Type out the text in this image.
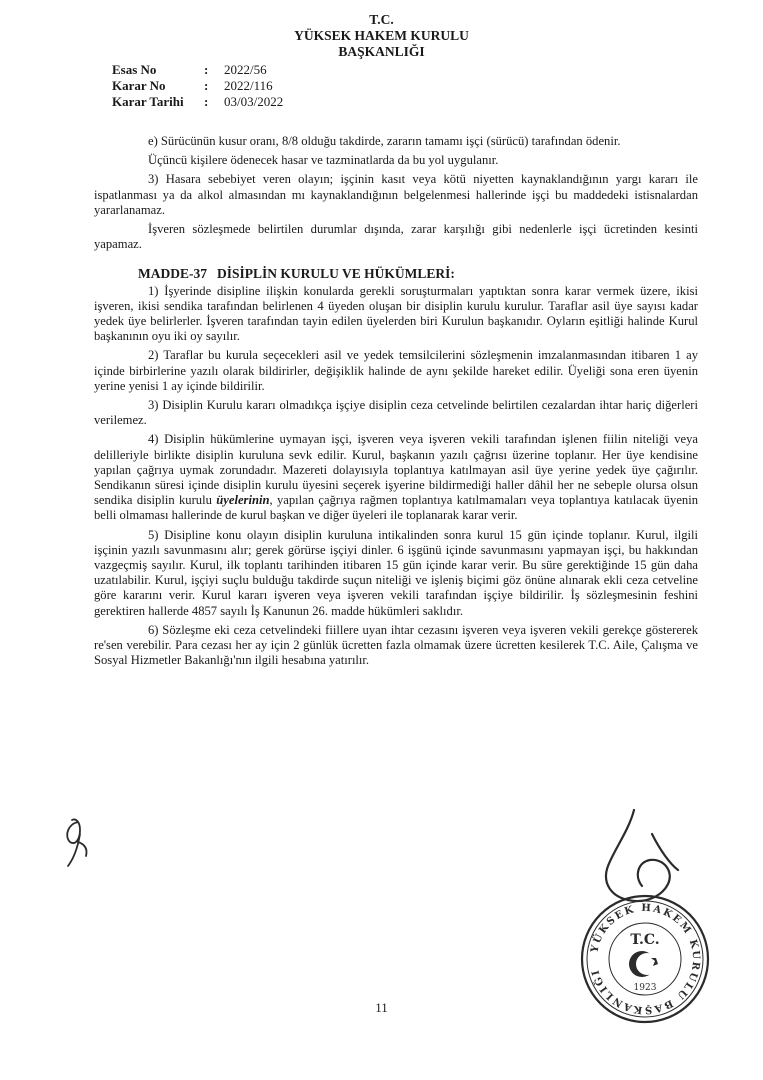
T.C.
YÜKSEK HAKEM KURULU
BAŞKANLIĞI
Esas No	:	2022/56
Karar No	:	2022/116
Karar Tarihi	:	03/03/2022

e) Sürücünün kusur oranı, 8/8 olduğu takdirde, zararın tamamı işçi (sürücü) tarafından ödenir.

Üçüncü kişilere ödenecek hasar ve tazminatlarda da bu yol uygulanır.

3) Hasara sebebiyet veren olayın; işçinin kasıt veya kötü niyetten kaynaklandığının yargı kararı ile ispatlanması ya da alkol almasından mı kaynaklandığının belgelenmesi hallerinde işçi bu maddedeki istisnalardan yararlanamaz.

İşveren sözleşmede belirtilen durumlar dışında, zarar karşılığı gibi nedenlerle işçi ücretinden kesinti yapamaz.

MADDE-37 DİSİPLİN KURULU VE HÜKÜMLERİ:

1) İşyerinde disipline ilişkin konularda gerekli soruşturmaları yaptıktan sonra karar vermek üzere, ikisi işveren, ikisi sendika tarafından belirlenen 4 üyeden oluşan bir disiplin kurulu kurulur. Taraflar asil üye sayısı kadar yedek üye belirlerler. İşveren tarafından tayin edilen üyelerden biri Kurulun başkanıdır. Oyların eşitliği halinde Kurul başkanının oyu iki oy sayılır.

2) Taraflar bu kurula seçecekleri asil ve yedek temsilcilerini sözleşmenin imzalanmasından itibaren 1 ay içinde birbirlerine yazılı olarak bildirirler, değişiklik halinde de aynı şekilde hareket edilir. Üyeliği sona eren üyenin yerine yenisi 1 ay içinde bildirilir.

3) Disiplin Kurulu kararı olmadıkça işçiye disiplin ceza cetvelinde belirtilen cezalardan ihtar hariç diğerleri verilemez.

4) Disiplin hükümlerine uymayan işçi, işveren veya işveren vekili tarafından işlenen fiilin niteliği veya delilleriyle birlikte disiplin kuruluna sevk edilir. Kurul, başkanın yazılı çağrısı üzerine toplanır. Her üye kendisine yapılan çağrıya uymak zorundadır. Mazereti dolayısıyla toplantıya katılmayan asil üye yerine yedek üye çağırılır. Sendikanın süresi içinde disiplin kurulu üyesini seçerek işyerine bildirmediği haller dâhil her ne sebeple olursa olsun sendika disiplin kurulu üyelerinin, yapılan çağrıya rağmen toplantıya katılmamaları veya toplantıya katılacak üyenin belli olmaması hallerinde de kurul başkan ve diğer üyeleri ile toplanarak karar verir.

5) Disipline konu olayın disiplin kuruluna intikalinden sonra kurul 15 gün içinde toplanır. Kurul, ilgili işçinin yazılı savunmasını alır; gerek görürse işçiyi dinler. 6 işgünü içinde savunmasını yapmayan işçi, bu hakkından vazgeçmiş sayılır. Kurul, ilk toplantı tarihinden itibaren 15 gün içinde karar verir. Bu süre gerektiğinde 15 gün daha uzatılabilir. Kurul, işçiyi suçlu bulduğu takdirde suçun niteliği ve işleniş biçimi göz önüne alınarak ekli ceza cetveline göre kararını verir. Kurul kararı işveren veya işveren vekili tarafından işçiye bildirilir. İş sözleşmesinin feshini gerektiren hallerde 4857 sayılı İş Kanunun 26. madde hükümleri saklıdır.

6) Sözleşme eki ceza cetvelindeki fiillere uyan ihtar cezasını işveren veya işveren vekili gerekçe göstererek re'sen verebilir. Para cezası her ay için 2 günlük ücretten fazla olmamak üzere ücretten kesilerek T.C. Aile, Çalışma ve Sosyal Hizmetler Bakanlığı'nın ilgili hesabına yatırılır.

YÜKSEK HAKEM KURULU BAŞKANLIĞI
T.C.
1923
11
